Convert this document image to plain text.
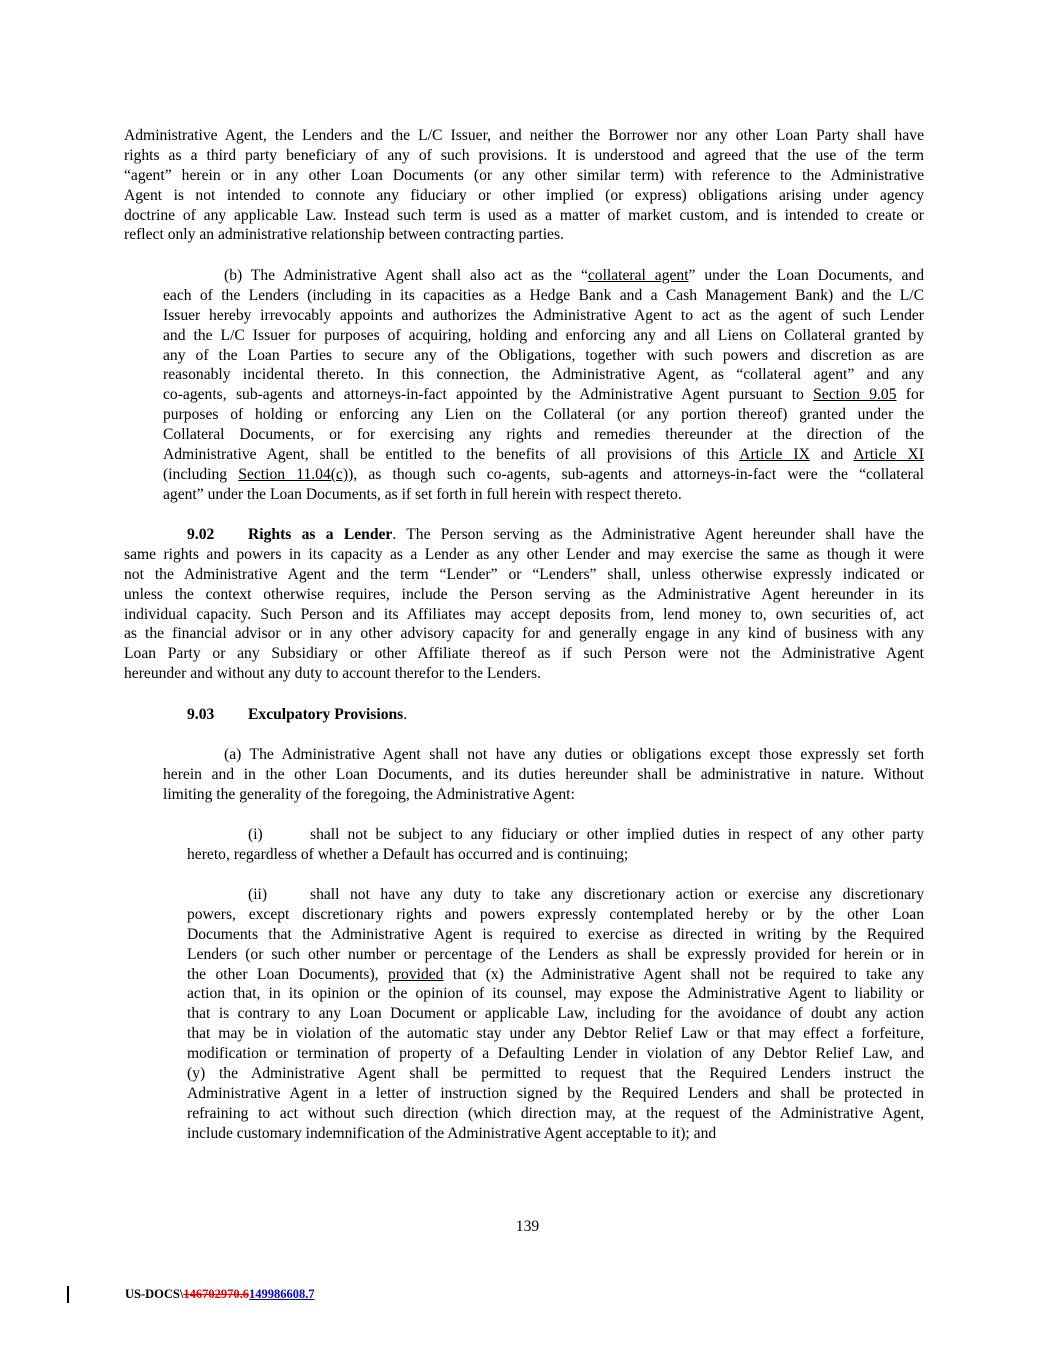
Administrative Agent, the Lenders and the L/C Issuer, and neither the Borrower nor any other Loan Party shall have
rights as a third party beneficiary of any of such provisions. It is understood and agreed that the use of the term
“agent” herein or in any other Loan Documents (or any other similar term) with reference to the Administrative
Agent is not intended to connote any fiduciary or other implied (or express) obligations arising under agency
doctrine of any applicable Law. Instead such term is used as a matter of market custom, and is intended to create or
reflect only an administrative relationship between contracting parties.
(b) The Administrative Agent shall also act as the “collateral agent” under the Loan Documents, and
each of the Lenders (including in its capacities as a Hedge Bank and a Cash Management Bank) and the L/C
Issuer hereby irrevocably appoints and authorizes the Administrative Agent to act as the agent of such Lender
and the L/C Issuer for purposes of acquiring, holding and enforcing any and all Liens on Collateral granted by
any of the Loan Parties to secure any of the Obligations, together with such powers and discretion as are
reasonably incidental thereto. In this connection, the Administrative Agent, as “collateral agent” and any
co-agents, sub-agents and attorneys-in-fact appointed by the Administrative Agent pursuant to Section 9.05 for
purposes of holding or enforcing any Lien on the Collateral (or any portion thereof) granted under the
Collateral Documents, or for exercising any rights and remedies thereunder at the direction of the
Administrative Agent, shall be entitled to the benefits of all provisions of this Article IX and Article XI
(including Section 11.04(c)), as though such co-agents, sub-agents and attorneys-in-fact were the “collateral
agent” under the Loan Documents, as if set forth in full herein with respect thereto.
9.02 Rights as a Lender. The Person serving as the Administrative Agent hereunder shall have the
same rights and powers in its capacity as a Lender as any other Lender and may exercise the same as though it were
not the Administrative Agent and the term “Lender” or “Lenders” shall, unless otherwise expressly indicated or
unless the context otherwise requires, include the Person serving as the Administrative Agent hereunder in its
individual capacity. Such Person and its Affiliates may accept deposits from, lend money to, own securities of, act
as the financial advisor or in any other advisory capacity for and generally engage in any kind of business with any
Loan Party or any Subsidiary or other Affiliate thereof as if such Person were not the Administrative Agent
hereunder and without any duty to account therefor to the Lenders.
9.03 Exculpatory Provisions.
(a) The Administrative Agent shall not have any duties or obligations except those expressly set forth
herein and in the other Loan Documents, and its duties hereunder shall be administrative in nature. Without
limiting the generality of the foregoing, the Administrative Agent:
(i)	shall not be subject to any fiduciary or other implied duties in respect of any other party
hereto, regardless of whether a Default has occurred and is continuing;
(ii)	shall not have any duty to take any discretionary action or exercise any discretionary
powers, except discretionary rights and powers expressly contemplated hereby or by the other Loan
Documents that the Administrative Agent is required to exercise as directed in writing by the Required
Lenders (or such other number or percentage of the Lenders as shall be expressly provided for herein or in
the other Loan Documents), provided that (x) the Administrative Agent shall not be required to take any
action that, in its opinion or the opinion of its counsel, may expose the Administrative Agent to liability or
that is contrary to any Loan Document or applicable Law, including for the avoidance of doubt any action
that may be in violation of the automatic stay under any Debtor Relief Law or that may effect a forfeiture,
modification or termination of property of a Defaulting Lender in violation of any Debtor Relief Law, and
(y) the Administrative Agent shall be permitted to request that the Required Lenders instruct the
Administrative Agent in a letter of instruction signed by the Required Lenders and shall be protected in
refraining to act without such direction (which direction may, at the request of the Administrative Agent,
include customary indemnification of the Administrative Agent acceptable to it); and
139
US-DOCS\146702970.6149986608.7
